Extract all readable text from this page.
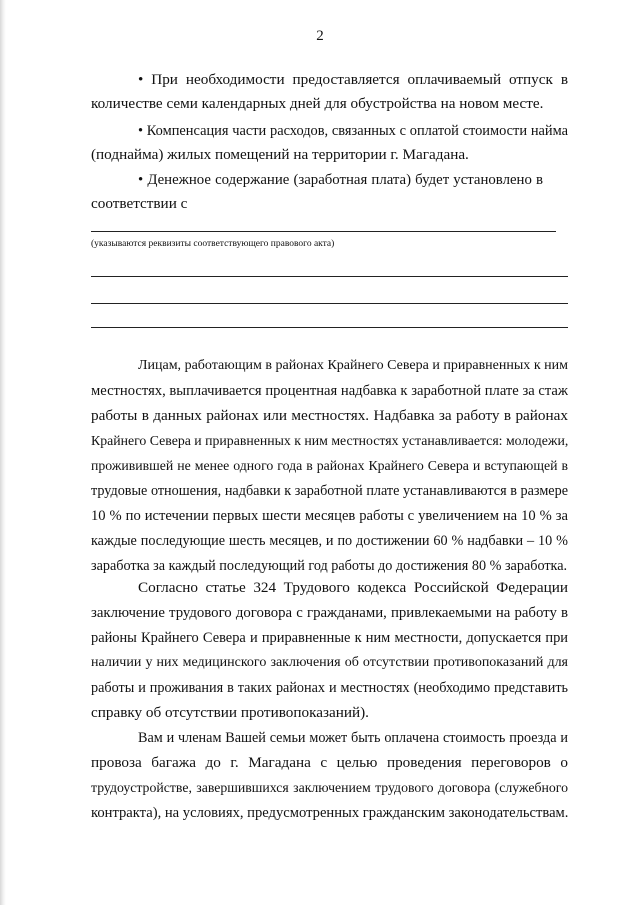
2
• При необходимости предоставляется оплачиваемый отпуск в
количестве семи календарных дней для обустройства на новом месте.
• Компенсация части расходов, связанных с оплатой стоимости найма
(поднайма) жилых помещений на территории г. Магадана.
• Денежное содержание (заработная плата) будет установлено в
соответствии с
(указываются реквизиты соответствующего правового акта)
Лицам, работающим в районах Крайнего Севера и приравненных к ним
местностях, выплачивается процентная надбавка к заработной плате за стаж
работы в данных районах или местностях. Надбавка за работу в районах
Крайнего Севера и приравненных к ним местностях устанавливается: молодежи,
проживившей не менее одного года в районах Крайнего Севера и вступающей в
трудовые отношения, надбавки к заработной плате устанавливаются в размере
10 % по истечении первых шести месяцев работы с увеличением на 10 % за
каждые последующие шесть месяцев, и по достижении 60 % надбавки – 10 %
заработка за каждый последующий год работы до достижения 80 % заработка.
Согласно статье 324 Трудового кодекса Российской Федерации
заключение трудового договора с гражданами, привлекаемыми на работу в
районы Крайнего Севера и приравненные к ним местности, допускается при
наличии у них медицинского заключения об отсутствии противопоказаний для
работы и проживания в таких районах и местностях (необходимо представить
справку об отсутствии противопоказаний).
Вам и членам Вашей семьи может быть оплачена стоимость проезда и
провоза багажа до г. Магадана с целью проведения переговоров о
трудоустройстве, завершившихся заключением трудового договора (служебного
контракта), на условиях, предусмотренных гражданским законодательствам.
